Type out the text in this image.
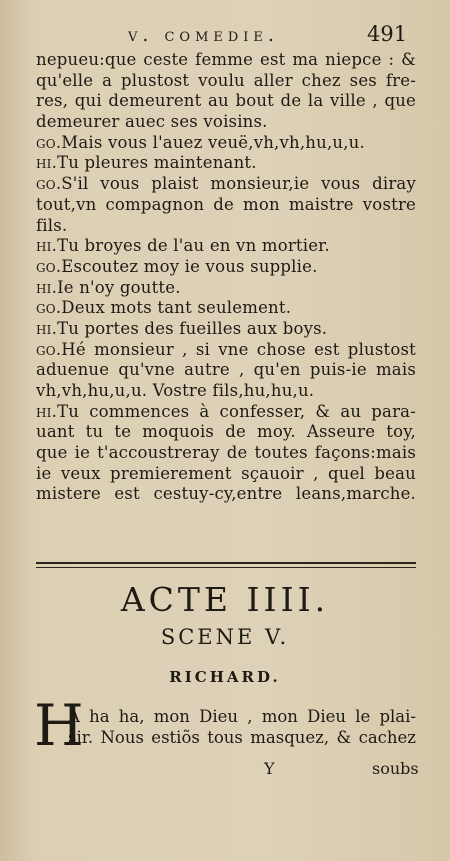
v. comedie.	491
nepueu:que ceste femme est ma niepce : &
qu'elle a plustost voulu aller chez ses fre-
res, qui demeurent au bout de la ville , que
demeurer auec ses voisins.
go.Mais vous l'auez veuë,vh,vh,hu,u,u.
hi.Tu pleures maintenant.
go.S'il vous plaist monsieur,ie vous diray
tout,vn compagnon de mon maistre vostre
fils.
hi.Tu broyes de l'au en vn mortier.
go.Escoutez moy ie vous supplie.
hi.Ie n'oy goutte.
go.Deux mots tant seulement.
hi.Tu portes des fueilles aux boys.
go.Hé monsieur , si vne chose est plustost
aduenue qu'vne autre , qu'en puis-ie mais
vh,vh,hu,u,u. Vostre fils,hu,hu,u.
hi.Tu commences à confesser, & au para-
uant tu te moquois de moy. Asseure toy,
que ie t'accoustreray de toutes façons:mais
ie veux premierement sçauoir , quel beau
mistere est cestuy-cy,entre leans,marche.
ACTE IIII.
SCENE V.
RICHARD.
H
A ha ha, mon Dieu , mon Dieu le plai-
sir. Nous estiõs tous masquez, & cachez
Y	soubs
